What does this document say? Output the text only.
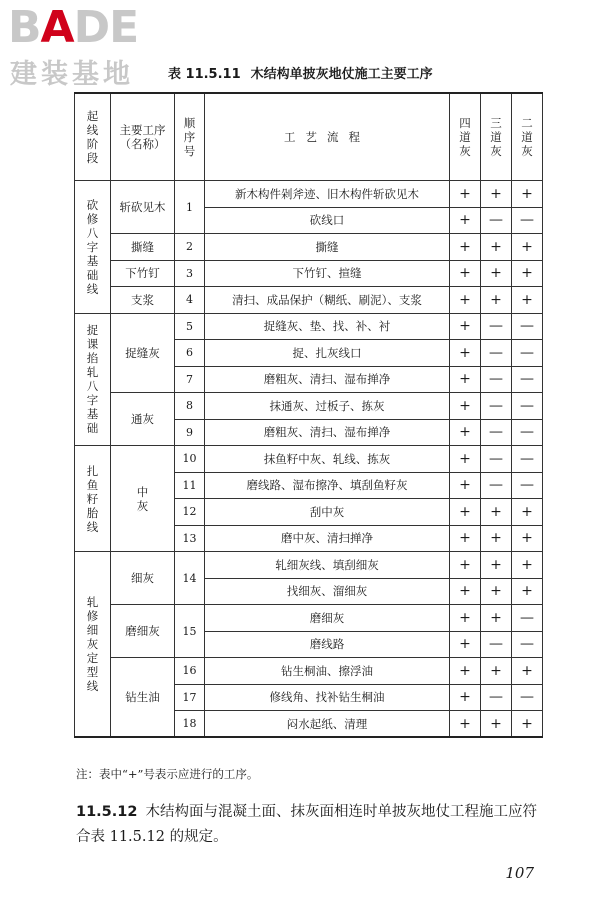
BADE
建装基地	表 11.5.11 木结构单披灰地仗施工主要工序
起线阶段	主要工序（名称）	顺序号	工艺流程	四道灰	三道灰	二道灰

砍修八字基础线	斩砍见木	1	新木构件剁斧迹、旧木构件斩砍见木	+	+	+
			砍线口	+	—	—
	撕缝	2	撕缝	+	+	+
	下竹钉	3	下竹钉、揎缝	+	+	+
	支浆	4	清扫、成品保护（糊纸、刷泥）、支浆	+	+	+

捉课掐轧八字基础	捉缝灰	5	捉缝灰、垫、找、补、衬	+	—	—
		6	捉、扎灰线口	+	—	—
		7	磨粗灰、清扫、湿布掸净	+	—	—
	通灰	8	抹通灰、过板子、拣灰	+	—	—
		9	磨粗灰、清扫、湿布掸净	+	—	—

扎鱼籽胎线	中灰	10	抹鱼籽中灰、轧线、拣灰	+	—	—
		11	磨线路、湿布擦净、填刮鱼籽灰	+	—	—
		12	刮中灰	+	+	+
		13	磨中灰、清扫掸净	+	+	+

轧修细灰定型线	细灰	14	轧细灰线、填刮细灰	+	+	+
			找细灰、溜细灰	+	+	+
	磨细灰	15	磨细灰	+	+	—
			磨线路	+	—	—
	钻生油	16	钻生桐油、擦浮油	+	+	+
		17	修线角、找补钻生桐油	+	—	—
		18	闷水起纸、清理	+	+	+
注：表中“+”号表示应进行的工序。
11.5.12 木结构面与混凝土面、抹灰面相连时单披灰地仗工程施工应符合表 11.5.12 的规定。
107
